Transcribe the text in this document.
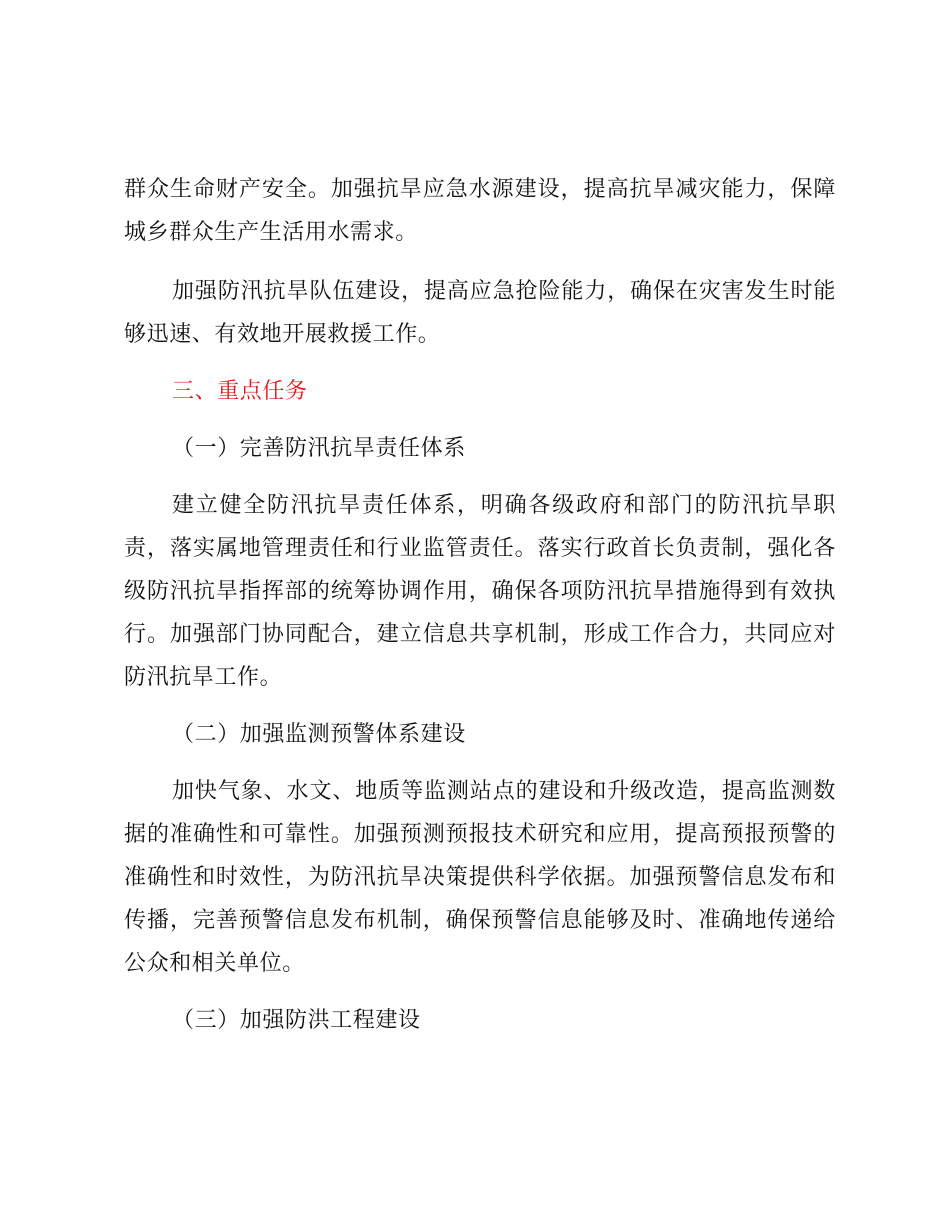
群众生命财产安全。加强抗旱应急水源建设，提高抗旱减灾能力，保障城乡群众生产生活用水需求。

加强防汛抗旱队伍建设，提高应急抢险能力，确保在灾害发生时能够迅速、有效地开展救援工作。

三、重点任务

（一）完善防汛抗旱责任体系

建立健全防汛抗旱责任体系，明确各级政府和部门的防汛抗旱职责，落实属地管理责任和行业监管责任。落实行政首长负责制，强化各级防汛抗旱指挥部的统筹协调作用，确保各项防汛抗旱措施得到有效执行。加强部门协同配合，建立信息共享机制，形成工作合力，共同应对防汛抗旱工作。

（二）加强监测预警体系建设

加快气象、水文、地质等监测站点的建设和升级改造，提高监测数据的准确性和可靠性。加强预测预报技术研究和应用，提高预报预警的准确性和时效性，为防汛抗旱决策提供科学依据。加强预警信息发布和传播，完善预警信息发布机制，确保预警信息能够及时、准确地传递给公众和相关单位。

（三）加强防洪工程建设
